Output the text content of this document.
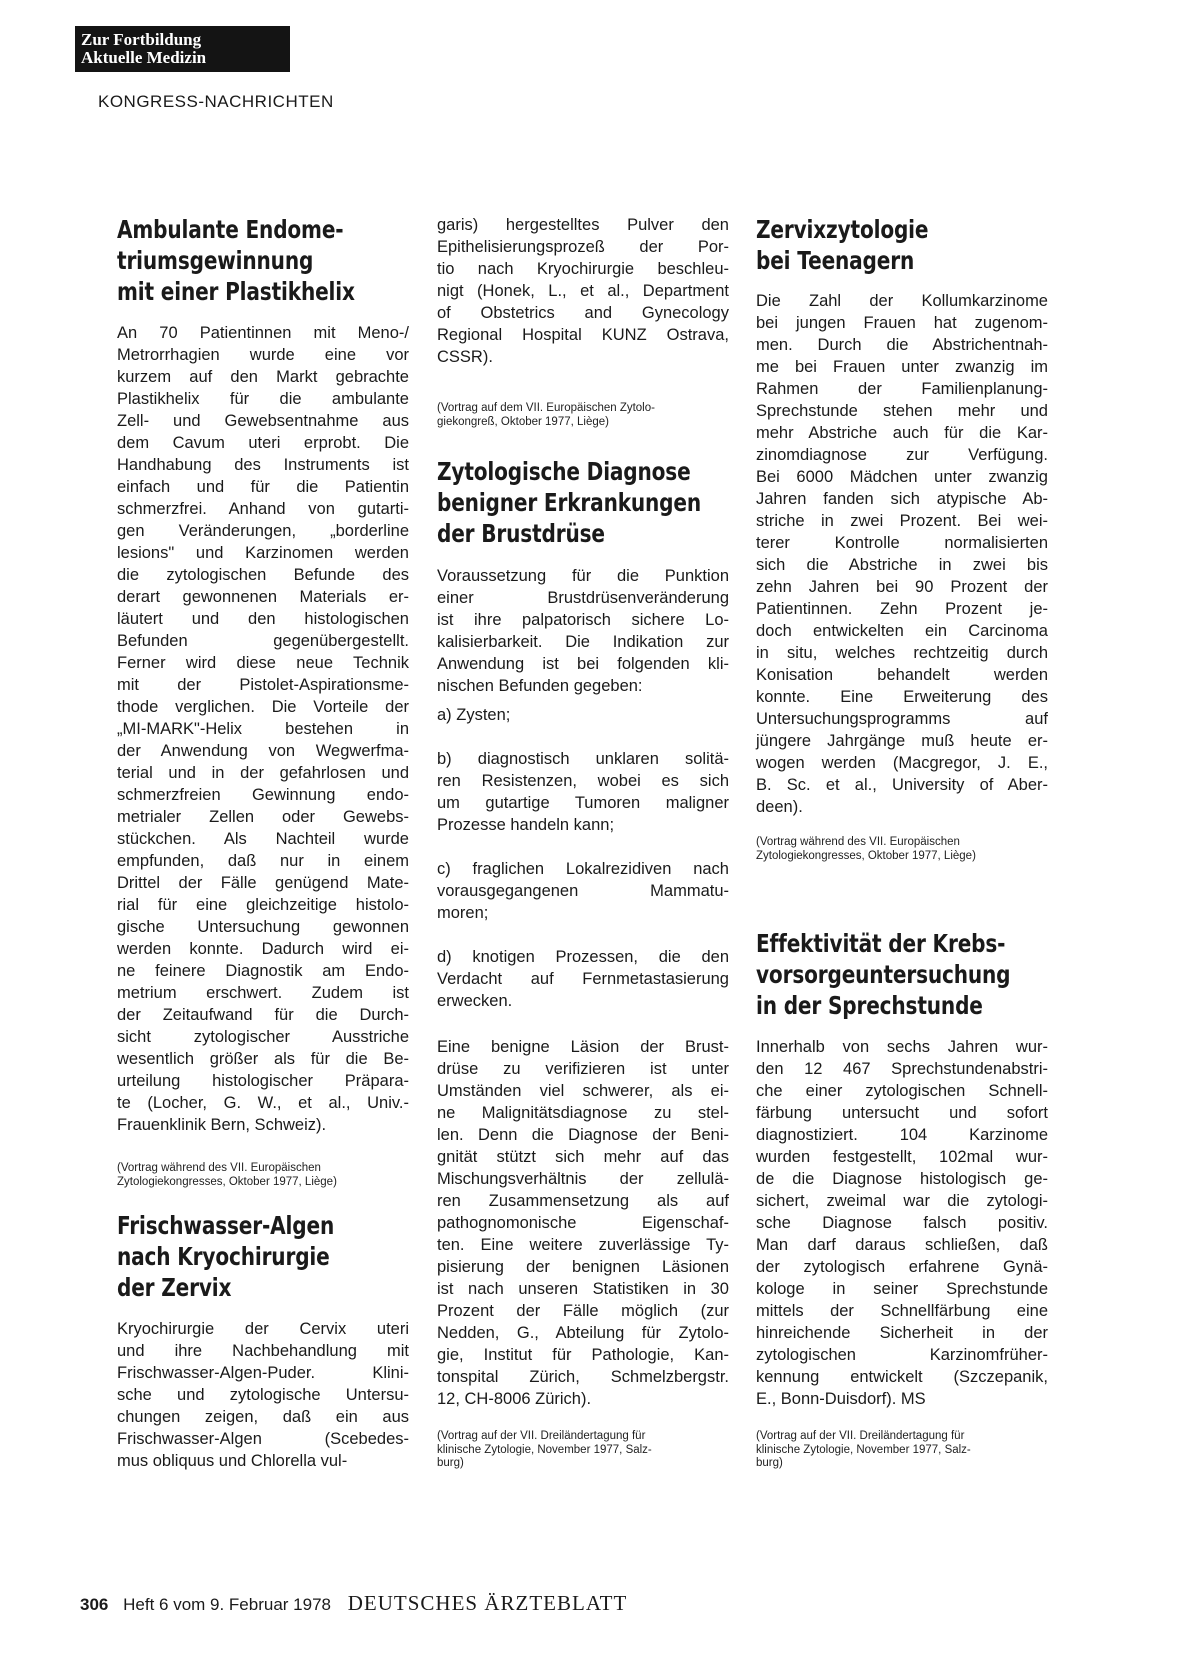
Zur Fortbildung
Aktuelle Medizin
KONGRESS-NACHRICHTEN
Ambulante Endome-
triumsgewinnung
mit einer Plastikhelix
An 70 Patientinnen mit Meno-/
Metrorrhagien wurde eine vor
kurzem auf den Markt gebrachte
Plastikhelix für die ambulante
Zell- und Gewebsentnahme aus
dem Cavum uteri erprobt. Die
Handhabung des Instruments ist
einfach und für die Patientin
schmerzfrei. Anhand von gutarti-
gen Veränderungen, „borderline
lesions" und Karzinomen werden
die zytologischen Befunde des
derart gewonnenen Materials er-
läutert und den histologischen
Befunden gegenübergestellt.
Ferner wird diese neue Technik
mit der Pistolet-Aspirationsme-
thode verglichen. Die Vorteile der
„MI-MARK"-Helix bestehen in
der Anwendung von Wegwerfma-
terial und in der gefahrlosen und
schmerzfreien Gewinnung endo-
metrialer Zellen oder Gewebs-
stückchen. Als Nachteil wurde
empfunden, daß nur in einem
Drittel der Fälle genügend Mate-
rial für eine gleichzeitige histolo-
gische Untersuchung gewonnen
werden konnte. Dadurch wird ei-
ne feinere Diagnostik am Endo-
metrium erschwert. Zudem ist
der Zeitaufwand für die Durch-
sicht zytologischer Ausstriche
wesentlich größer als für die Be-
urteilung histologischer Präpara-
te (Locher, G. W., et al., Univ.-
Frauenklinik Bern, Schweiz).
(Vortrag während des VII. Europäischen
Zytologiekongresses, Oktober 1977, Liège)
Frischwasser-Algen
nach Kryochirurgie
der Zervix
Kryochirurgie der Cervix uteri
und ihre Nachbehandlung mit
Frischwasser-Algen-Puder. Klini-
sche und zytologische Untersu-
chungen zeigen, daß ein aus
Frischwasser-Algen (Scebedes-
mus obliquus und Chlorella vul-
garis) hergestelltes Pulver den
Epithelisierungsprozeß der Por-
tio nach Kryochirurgie beschleu-
nigt (Honek, L., et al., Department
of Obstetrics and Gynecology
Regional Hospital KUNZ Ostrava,
CSSR).
(Vortrag auf dem VII. Europäischen Zytolo-
giekongreß, Oktober 1977, Liège)
Zytologische Diagnose
benigner Erkrankungen
der Brustdrüse
Voraussetzung für die Punktion
einer Brustdrüsenveränderung
ist ihre palpatorisch sichere Lo-
kalisierbarkeit. Die Indikation zur
Anwendung ist bei folgenden kli-
nischen Befunden gegeben:
a) Zysten;
b) diagnostisch unklaren solitä-
ren Resistenzen, wobei es sich
um gutartige Tumoren maligner
Prozesse handeln kann;
c) fraglichen Lokalrezidiven nach
vorausgegangenen Mammatu-
moren;
d) knotigen Prozessen, die den
Verdacht auf Fernmetastasierung
erwecken.
Eine benigne Läsion der Brust-
drüse zu verifizieren ist unter
Umständen viel schwerer, als ei-
ne Malignitätsdiagnose zu stel-
len. Denn die Diagnose der Beni-
gnität stützt sich mehr auf das
Mischungsverhältnis der zellulä-
ren Zusammensetzung als auf
pathognomonische Eigenschaf-
ten. Eine weitere zuverlässige Ty-
pisierung der benignen Läsionen
ist nach unseren Statistiken in 30
Prozent der Fälle möglich (zur
Nedden, G., Abteilung für Zytolo-
gie, Institut für Pathologie, Kan-
tonspital Zürich, Schmelzbergstr.
12, CH-8006 Zürich).
(Vortrag auf der VII. Dreiländertagung für
klinische Zytologie, November 1977, Salz-
burg)
Zervixzytologie
bei Teenagern
Die Zahl der Kollumkarzinome
bei jungen Frauen hat zugenom-
men. Durch die Abstrichentnah-
me bei Frauen unter zwanzig im
Rahmen der Familienplanung-
Sprechstunde stehen mehr und
mehr Abstriche auch für die Kar-
zinomdiagnose zur Verfügung.
Bei 6000 Mädchen unter zwanzig
Jahren fanden sich atypische Ab-
striche in zwei Prozent. Bei wei-
terer Kontrolle normalisierten
sich die Abstriche in zwei bis
zehn Jahren bei 90 Prozent der
Patientinnen. Zehn Prozent je-
doch entwickelten ein Carcinoma
in situ, welches rechtzeitig durch
Konisation behandelt werden
konnte. Eine Erweiterung des
Untersuchungsprogramms auf
jüngere Jahrgänge muß heute er-
wogen werden (Macgregor, J. E.,
B. Sc. et al., University of Aber-
deen).
(Vortrag während des VII. Europäischen
Zytologiekongresses, Oktober 1977, Liège)
Effektivität der Krebs-
vorsorgeuntersuchung
in der Sprechstunde
Innerhalb von sechs Jahren wur-
den 12 467 Sprechstundenabstri-
che einer zytologischen Schnell-
färbung untersucht und sofort
diagnostiziert. 104 Karzinome
wurden festgestellt, 102mal wur-
de die Diagnose histologisch ge-
sichert, zweimal war die zytologi-
sche Diagnose falsch positiv.
Man darf daraus schließen, daß
der zytologisch erfahrene Gynä-
kologe in seiner Sprechstunde
mittels der Schnellfärbung eine
hinreichende Sicherheit in der
zytologischen Karzinomfrüher-
kennung entwickelt (Szczepanik,
E., Bonn-Duisdorf). MS
(Vortrag auf der VII. Dreiländertagung für
klinische Zytologie, November 1977, Salz-
burg)
306 Heft 6 vom 9. Februar 1978 DEUTSCHES ÄRZTEBLATT
